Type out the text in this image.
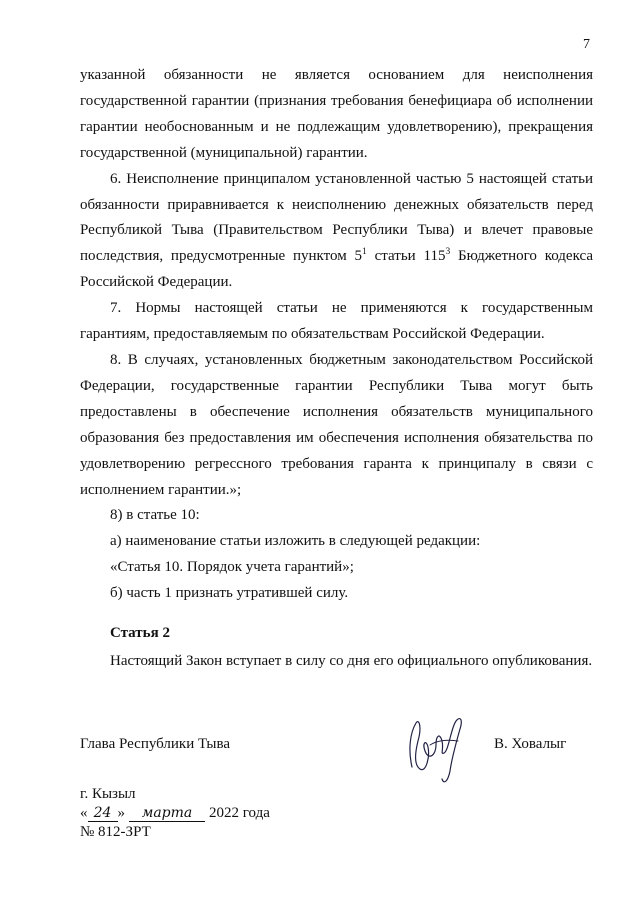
7

указанной обязанности не является основанием для неисполнения государственной гарантии (признания требования бенефициара об исполнении гарантии необоснованным и не подлежащим удовлетворению), прекращения государственной (муниципальной) гарантии.

6. Неисполнение принципалом установленной частью 5 настоящей статьи обязанности приравнивается к неисполнению денежных обязательств перед Республикой Тыва (Правительством Республики Тыва) и влечет правовые последствия, предусмотренные пунктом $5^1$ статьи $115^3$ Бюджетного кодекса Российской Федерации.

7. Нормы настоящей статьи не применяются к государственным гарантиям, предоставляемым по обязательствам Российской Федерации.

8. В случаях, установленных бюджетным законодательством Российской Федерации, государственные гарантии Республики Тыва могут быть предоставлены в обеспечение исполнения обязательств муниципального образования без предоставления им обеспечения исполнения обязательства по удовлетворению регрессного требования гаранта к принципалу в связи с исполнением гарантии.»;

8) в статье 10:

а) наименование статьи изложить в следующей редакции:

«Статья 10. Порядок учета гарантий»;

б) часть 1 признать утратившей силу.

Статья 2
Настоящий Закон вступает в силу со дня его официального опубликования.
Глава Республики Тыва	В. Ховалыг
г. Кызыл
« 24 »	марта	2022 года
№ 812-ЗРТ
